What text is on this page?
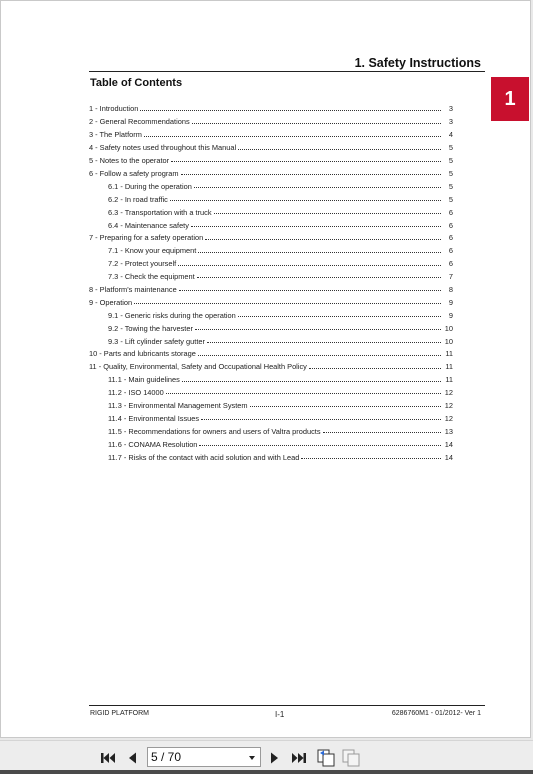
1. Safety Instructions
1
Table of Contents
1 - Introduction	3
2 - General Recommendations	3
3 - The Platform	4
4 - Safety notes used throughout this Manual	5
5 - Notes to the operator	5
6 - Follow a safety program	5
6.1 - During the operation	5
6.2 - In road traffic	5
6.3 - Transportation with a truck	6
6.4 - Maintenance safety	6
7 - Preparing for a safety operation	6
7.1 - Know your equipment	6
7.2 - Protect yourself	6
7.3 - Check the equipment	7
8 - Platform's maintenance	8
9 - Operation	9
9.1 - Generic risks during the operation	9
9.2 - Towing the harvester	10
9.3 - Lift cylinder safety gutter	10
10 - Parts and lubricants storage	11
11 - Quality, Environmental, Safety and Occupational Health Policy	11
11.1 - Main guidelines	11
11.2 - ISO 14000	12
11.3 - Environmental Management System	12
11.4 - Environmental Issues	12
11.5 - Recommendations for owners and users of Valtra products	13
11.6 - CONAMA Resolution	14
11.7 - Risks of the contact with acid solution and with Lead	14
RIGID PLATFORM	I-1	6286760M1 - 01/2012- Ver 1
5 / 70
